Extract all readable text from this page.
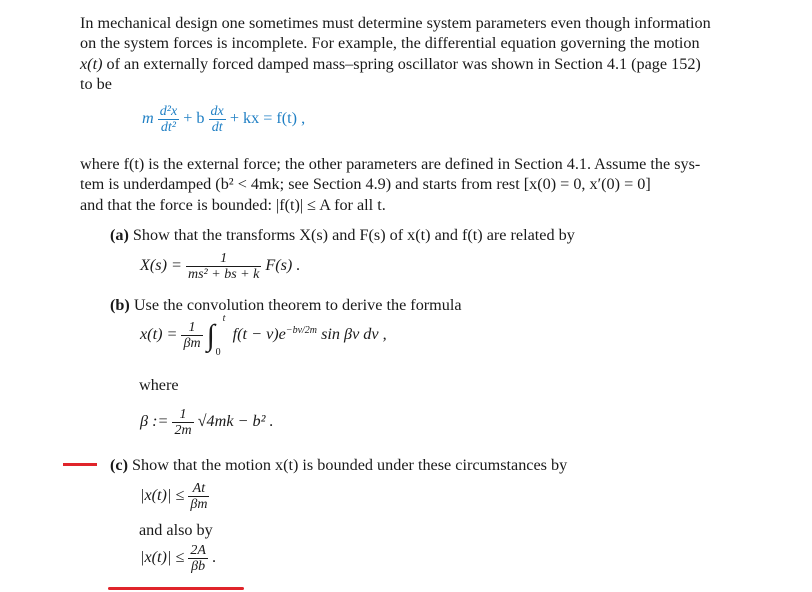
In mechanical design one sometimes must determine system parameters even though information
on the system forces is incomplete. For example, the differential equation governing the motion
x(t) of an externally forced damped mass–spring oscillator was shown in Section 4.1 (page 152)
to be

m $\frac{\text{d²x}}{\text{dt²}} + b \frac{dx}{dt}$ + kx = f(t) ,

where f(t) is the external force; the other parameters are defined in Section 4.1. Assume the sys-
tem is underdamped (b² < 4mk; see Section 4.9) and starts from rest [x(0) = 0, x′(0) = 0]
and that the force is bounded: |f(t)| ≤ A for all t.

(a) Show that the transforms X(s) and F(s) of x(t) and f(t) are related by
$X(s) = \frac{1}{\text{ms² + bs + k}} F(s)$ .
(b) Use the convolution theorem to derive the formula
$x(t) = \frac{1}{\beta m}$ ∫
t
0
$f(t - v)e^{-bv/2m}$ sin βv dv ,
where
β := $\frac{1}{2m} √4mk - b^2$ .
(c) Show that the motion x(t) is bounded under these circumstances by
$|x(t)| \le \frac{At}{\beta m}$
and also by
$|x(t)| \le \frac{2A}{\beta b}$ .
